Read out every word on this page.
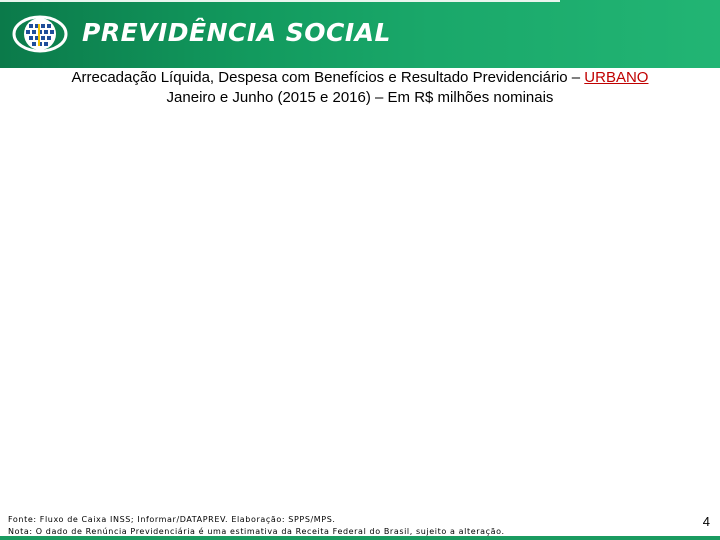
PREVIDÊNCIA SOCIAL
Arrecadação Líquida, Despesa com Benefícios e Resultado Previdenciário – URBANO
Janeiro e Junho (2015 e 2016) – Em R$ milhões nominais
Fonte: Fluxo de Caixa INSS; Informar/DATAPREV. Elaboração: SPPS/MPS.
Nota: O dado de Renúncia Previdenciária é uma estimativa da Receita Federal do Brasil, sujeito a alteração.
4
